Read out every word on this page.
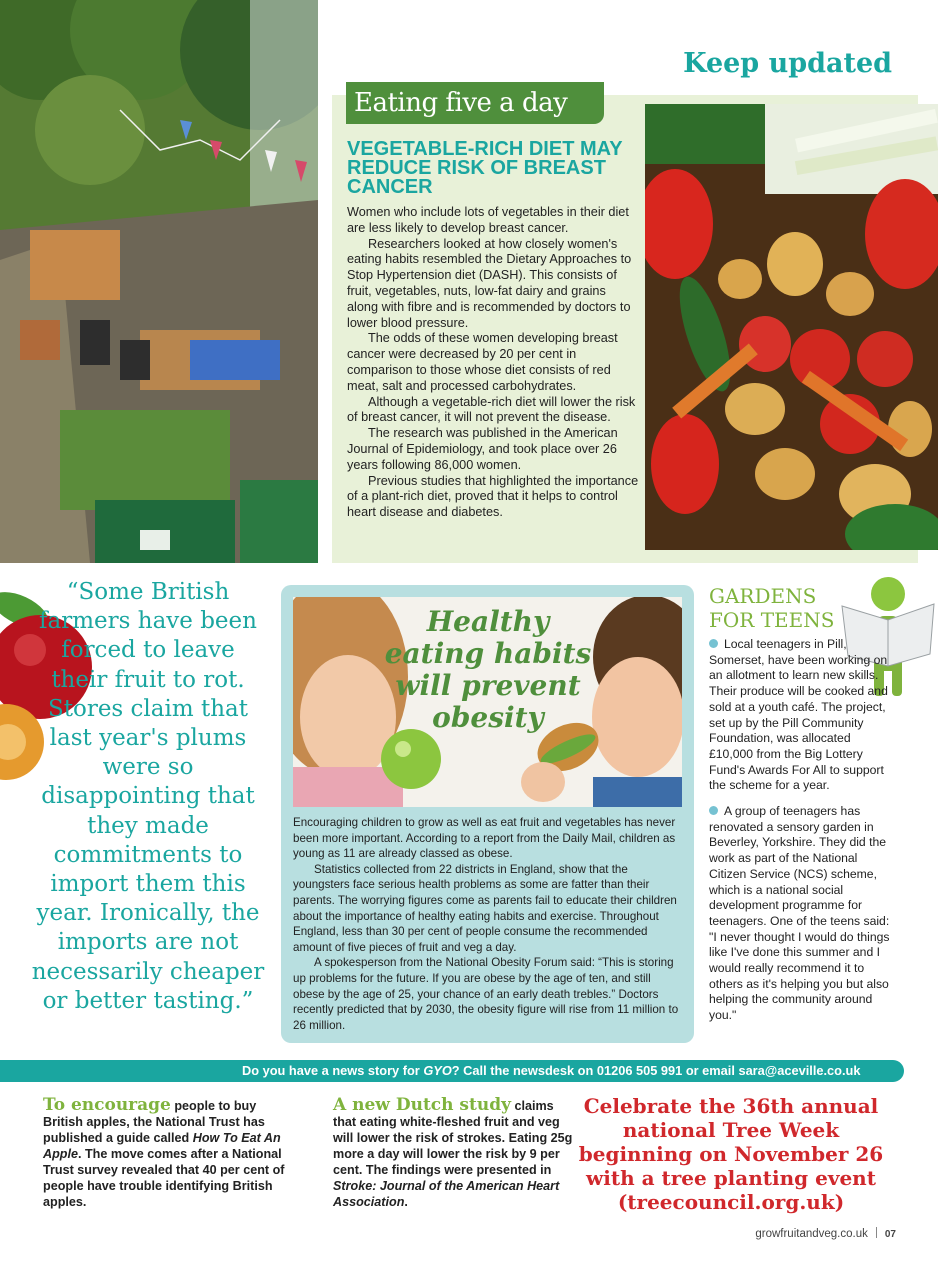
Keep updated
Eating five a day
VEGETABLE-RICH DIET MAY REDUCE RISK OF BREAST CANCER

Women who include lots of vegetables in their diet are less likely to develop breast cancer.

Researchers looked at how closely women's eating habits resembled the Dietary Approaches to Stop Hypertension diet (DASH). This consists of fruit, vegetables, nuts, low-fat dairy and grains along with fibre and is recommended by doctors to lower blood pressure.

The odds of these women developing breast cancer were decreased by 20 per cent in comparison to those whose diet consists of red meat, salt and processed carbohydrates.

Although a vegetable-rich diet will lower the risk of breast cancer, it will not prevent the disease.

The research was published in the American Journal of Epidemiology, and took place over 26 years following 86,000 women.

Previous studies that highlighted the importance of a plant-rich diet, proved that it helps to control heart disease and diabetes.

“Some British farmers have been forced to leave their fruit to rot. Stores claim that last year's plums were so disappointing that they made commitments to import them this year. Ironically, the imports are not necessarily cheaper or better tasting.”
Healthy eating habits will prevent obesity

Encouraging children to grow as well as eat fruit and vegetables has never been more important. According to a report from the Daily Mail, children as young as 11 are already classed as obese.

Statistics collected from 22 districts in England, show that the youngsters face serious health problems as some are fatter than their parents. The worrying figures come as parents fail to educate their children about the importance of healthy eating habits and exercise. Throughout England, less than 30 per cent of people consume the recommended amount of five pieces of fruit and veg a day.

A spokesperson from the National Obesity Forum said: “This is storing up problems for the future. If you are obese by the age of ten, and still obese by the age of 25, your chance of an early death trebles.” Doctors recently predicted that by 2030, the obesity figure will rise from 11 million to 26 million.

GARDENS FOR TEENS

Local teenagers in Pill, Somerset, have been working on an allotment to learn new skills. Their produce will be cooked and sold at a youth café. The project, set up by the Pill Community Foundation, was allocated £10,000 from the Big Lottery Fund's Awards For All to support the scheme for a year.

A group of teenagers has renovated a sensory garden in Beverley, Yorkshire. They did the work as part of the National Citizen Service (NCS) scheme, which is a national social development programme for teenagers. One of the teens said: "I never thought I would do things like I've done this summer and I would really recommend it to others as it's helping you but also helping the community around you."

Do you have a news story for GYO? Call the newsdesk on 01206 505 991 or email sara@aceville.co.uk
To encourage people to buy British apples, the National Trust has published a guide called How To Eat An Apple. The move comes after a National Trust survey revealed that 40 per cent of people have trouble identifying British apples.
A new Dutch study claims that eating white-fleshed fruit and veg will lower the risk of strokes. Eating 25g more a day will lower the risk by 9 per cent. The findings were presented in Stroke: Journal of the American Heart Association.
Celebrate the 36th annual national Tree Week beginning on November 26 with a tree planting event (treecouncil.org.uk)
growfruitandveg.co.uk 07
